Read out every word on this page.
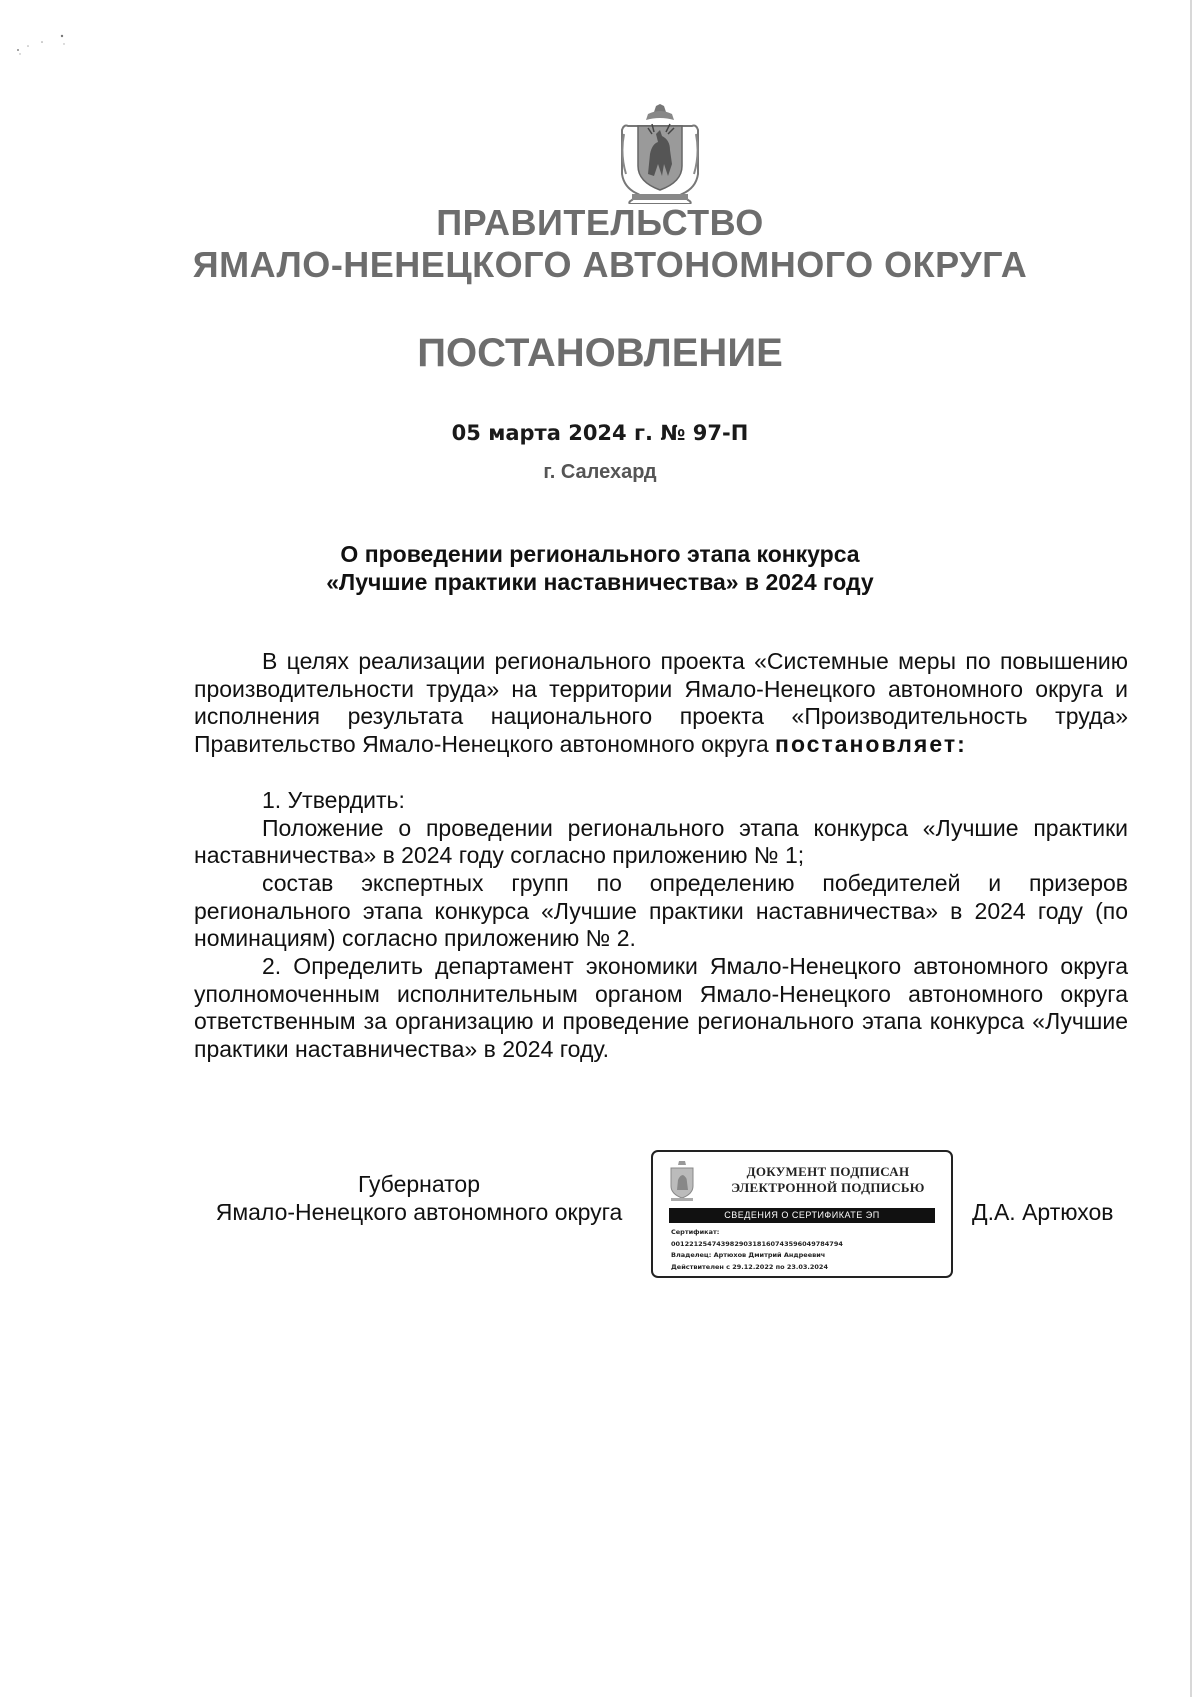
ПРАВИТЕЛЬСТВО
ЯМАЛО-НЕНЕЦКОГО АВТОНОМНОГО ОКРУГА
ПОСТАНОВЛЕНИЕ
05 марта 2024 г. № 97-П
г. Салехард
О проведении регионального этапа конкурса
«Лучшие практики наставничества» в 2024 году

В целях реализации регионального проекта «Системные меры по повышению производительности труда» на территории Ямало-Ненецкого автономного округа и исполнения результата национального проекта «Производительность труда» Правительство Ямало-Ненецкого автономного округа постановляет:

1. Утвердить:

Положение о проведении регионального этапа конкурса «Лучшие практики наставничества» в 2024 году согласно приложению № 1;

состав экспертных групп по определению победителей и призеров регионального этапа конкурса «Лучшие практики наставничества» в 2024 году (по номинациям) согласно приложению № 2.

2. Определить департамент экономики Ямало-Ненецкого автономного округа уполномоченным исполнительным органом Ямало-Ненецкого автономного округа ответственным за организацию и проведение регионального этапа конкурса «Лучшие практики наставничества» в 2024 году.

Губернатор
Ямало-Ненецкого автономного округа
ДОКУМЕНТ ПОДПИСАН
ЭЛЕКТРОННОЙ ПОДПИСЬЮ
СВЕДЕНИЯ О СЕРТИФИКАТЕ ЭП
Сертификат:
00122125474398290318160743596049784794
Владелец: Артюхов Дмитрий Андреевич
Действителен с 29.12.2022 по 23.03.2024
Д.А. Артюхов
